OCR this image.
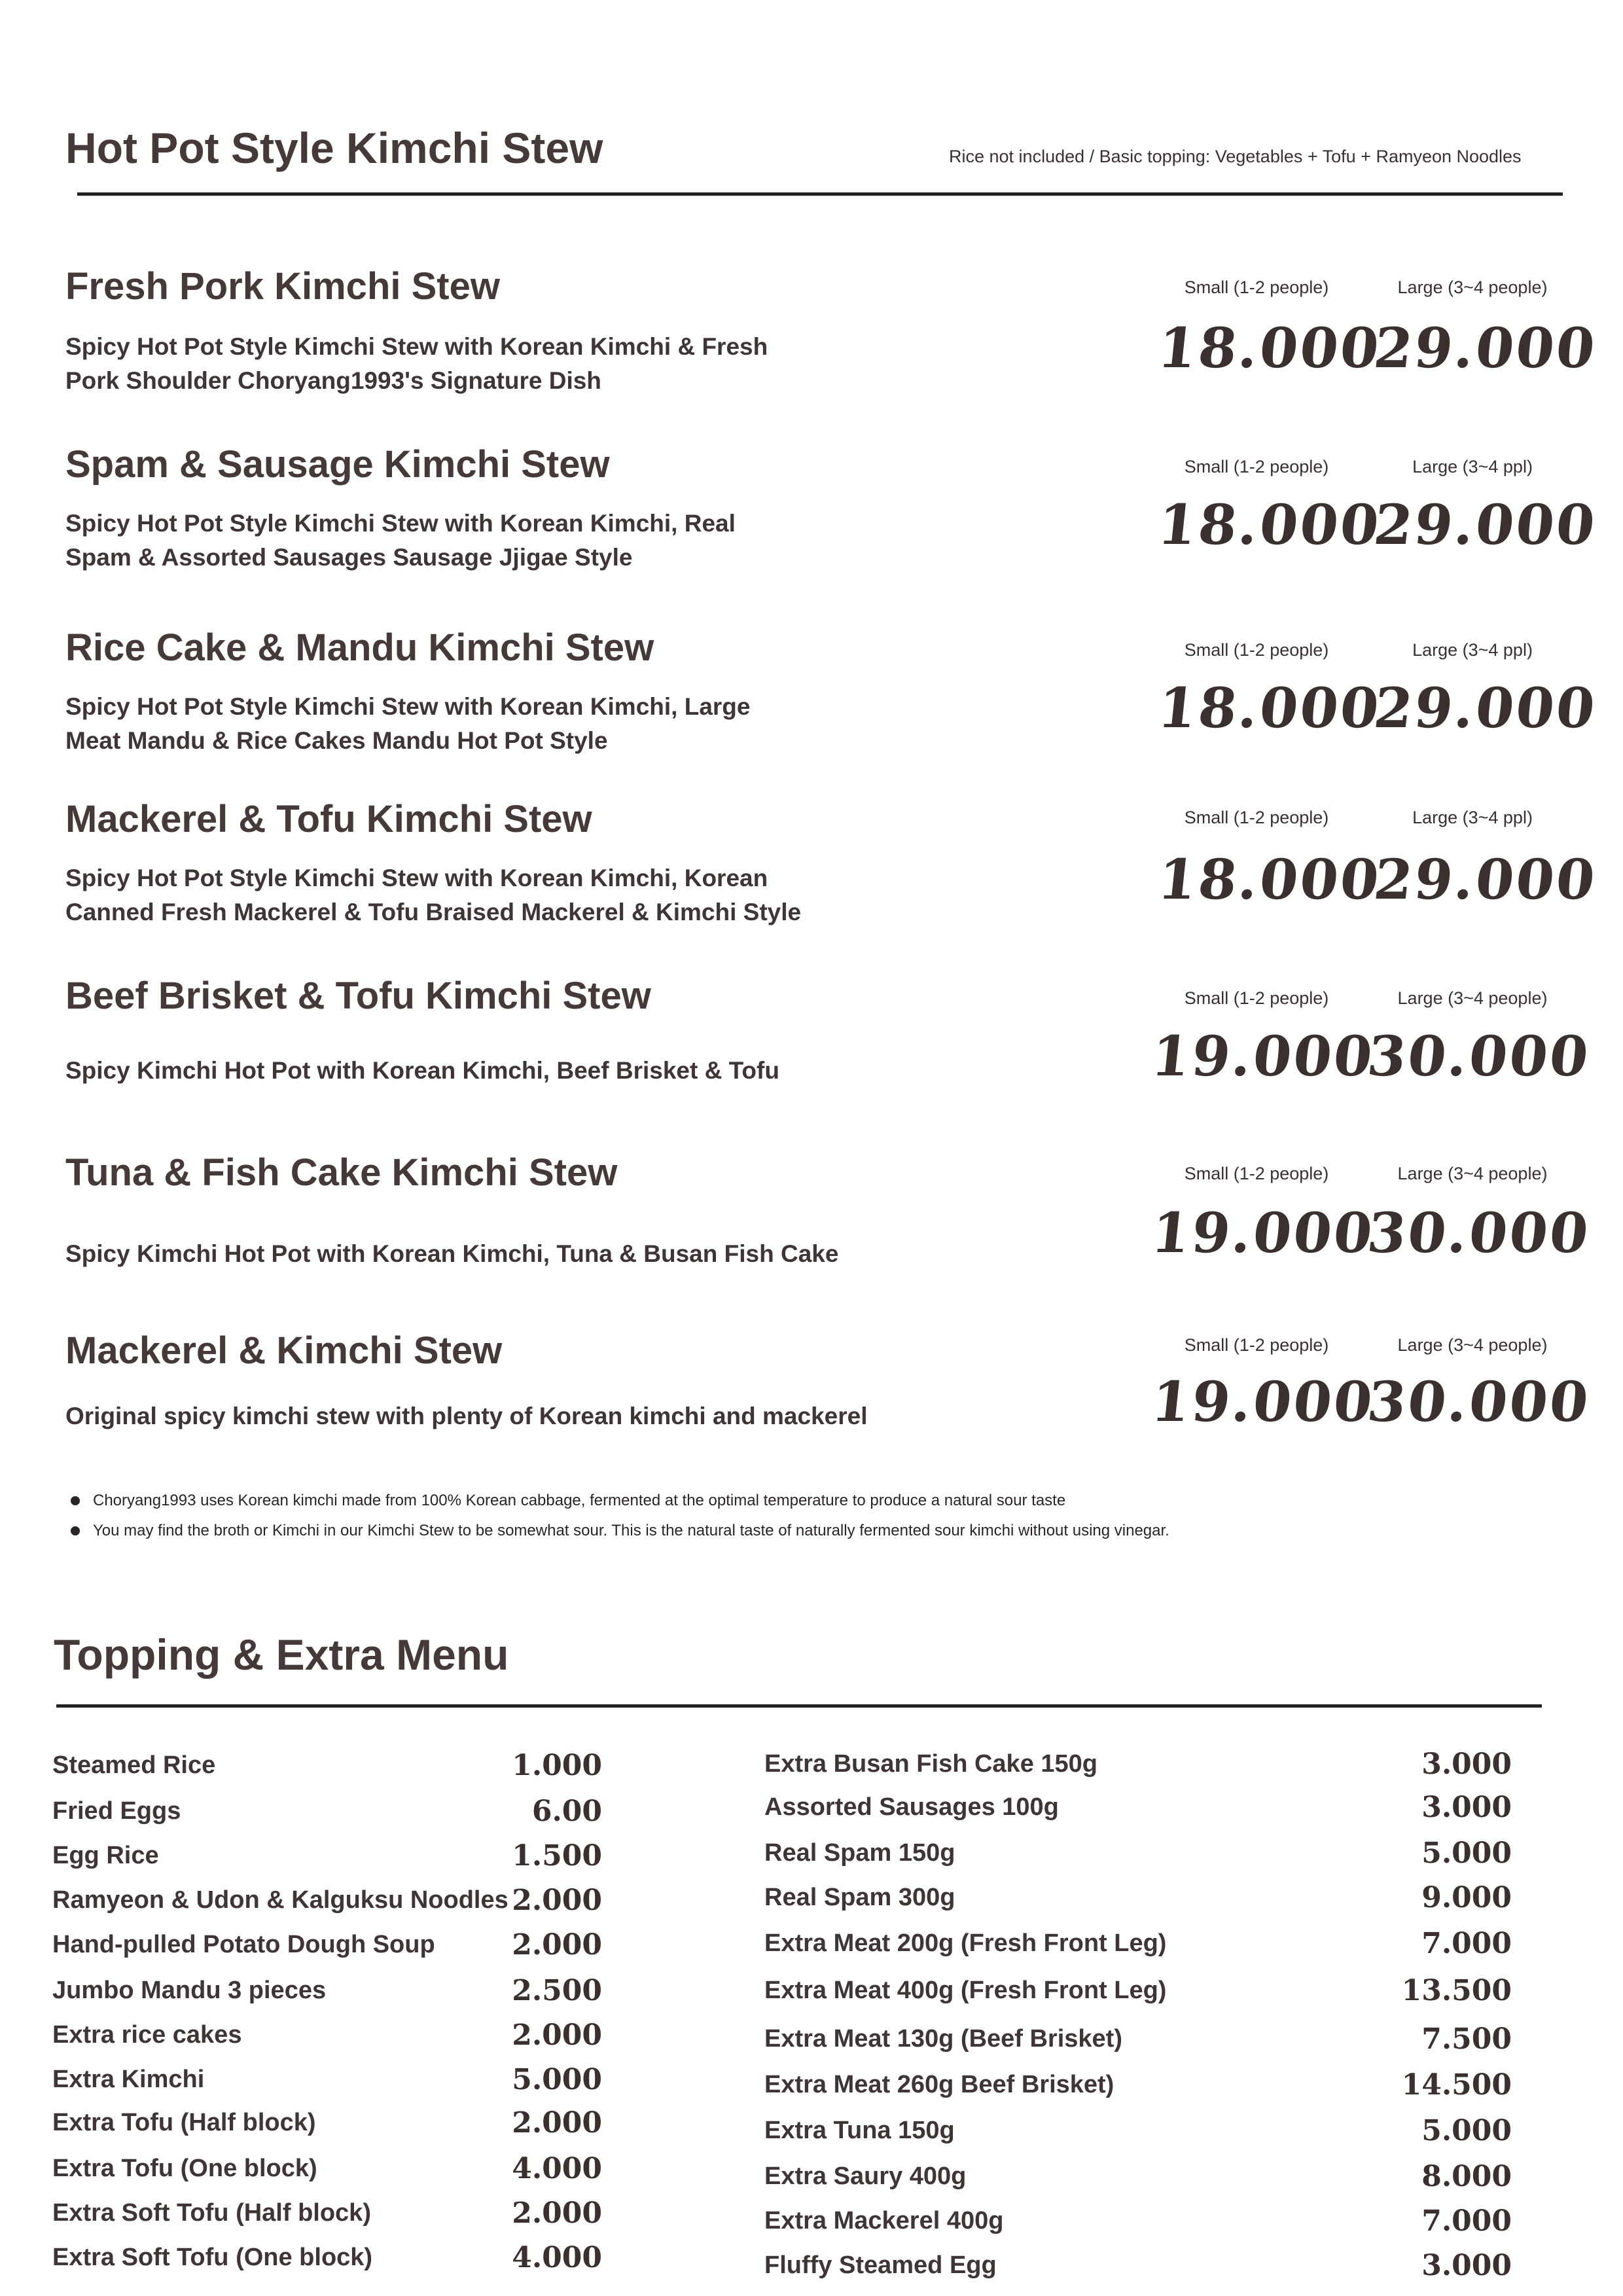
Hot Pot Style Kimchi Stew	Rice not included / Basic topping: Vegetables + Tofu + Ramyeon Noodles
Fresh Pork Kimchi Stew
Spicy Hot Pot Style Kimchi Stew with Korean Kimchi & Fresh
Pork Shoulder Choryang1993's Signature Dish
Small (1-2 people)	Large (3~4 people)
18.000
29.000
Spam & Sausage Kimchi Stew
Spicy Hot Pot Style Kimchi Stew with Korean Kimchi, Real
Spam & Assorted Sausages Sausage Jjigae Style
Small (1-2 people)	Large (3~4 ppl)
18.000
29.000
Rice Cake & Mandu Kimchi Stew
Spicy Hot Pot Style Kimchi Stew with Korean Kimchi, Large
Meat Mandu & Rice Cakes Mandu Hot Pot Style
Small (1-2 people)	Large (3~4 ppl)
18.000
29.000
Mackerel & Tofu Kimchi Stew
Spicy Hot Pot Style Kimchi Stew with Korean Kimchi, Korean
Canned Fresh Mackerel & Tofu Braised Mackerel & Kimchi Style
Small (1-2 people)	Large (3~4 ppl)
18.000
29.000
Beef Brisket & Tofu Kimchi Stew
Spicy Kimchi Hot Pot with Korean Kimchi, Beef Brisket & Tofu
Small (1-2 people)	Large (3~4 people)
19.000
30.000
Tuna & Fish Cake Kimchi Stew
Spicy Kimchi Hot Pot with Korean Kimchi, Tuna & Busan Fish Cake
Small (1-2 people)	Large (3~4 people)
19.000
30.000
Mackerel & Kimchi Stew
Original spicy kimchi stew with plenty of Korean kimchi and mackerel
Small (1-2 people)	Large (3~4 people)
19.000
30.000
Choryang1993 uses Korean kimchi made from 100% Korean cabbage, fermented at the optimal temperature to produce a natural sour taste
You may find the broth or Kimchi in our Kimchi Stew to be somewhat sour. This is the natural taste of naturally fermented sour kimchi without using vinegar.
Topping & Extra Menu
Steamed Rice	1.000
Fried Eggs	6.00
Egg Rice	1.500
Ramyeon & Udon & Kalguksu Noodles 2.000
Hand-pulled Potato Dough Soup	2.000
Jumbo Mandu 3 pieces	2.500
Extra rice cakes	2.000
Extra Kimchi	5.000
Extra Tofu (Half block)	2.000
Extra Tofu (One block)	4.000
Extra Soft Tofu (Half block)	2.000
Extra Soft Tofu (One block)	4.000
Extra Busan Fish Cake 150g	3.000
Assorted Sausages 100g	3.000
Real Spam 150g	5.000
Real Spam 300g	9.000
Extra Meat 200g (Fresh Front Leg)	7.000
Extra Meat 400g (Fresh Front Leg)	13.500
Extra Meat 130g (Beef Brisket)	7.500
Extra Meat 260g Beef Brisket)	14.500
Extra Tuna 150g	5.000
Extra Saury 400g	8.000
Extra Mackerel 400g	7.000
Fluffy Steamed Egg	3.000
